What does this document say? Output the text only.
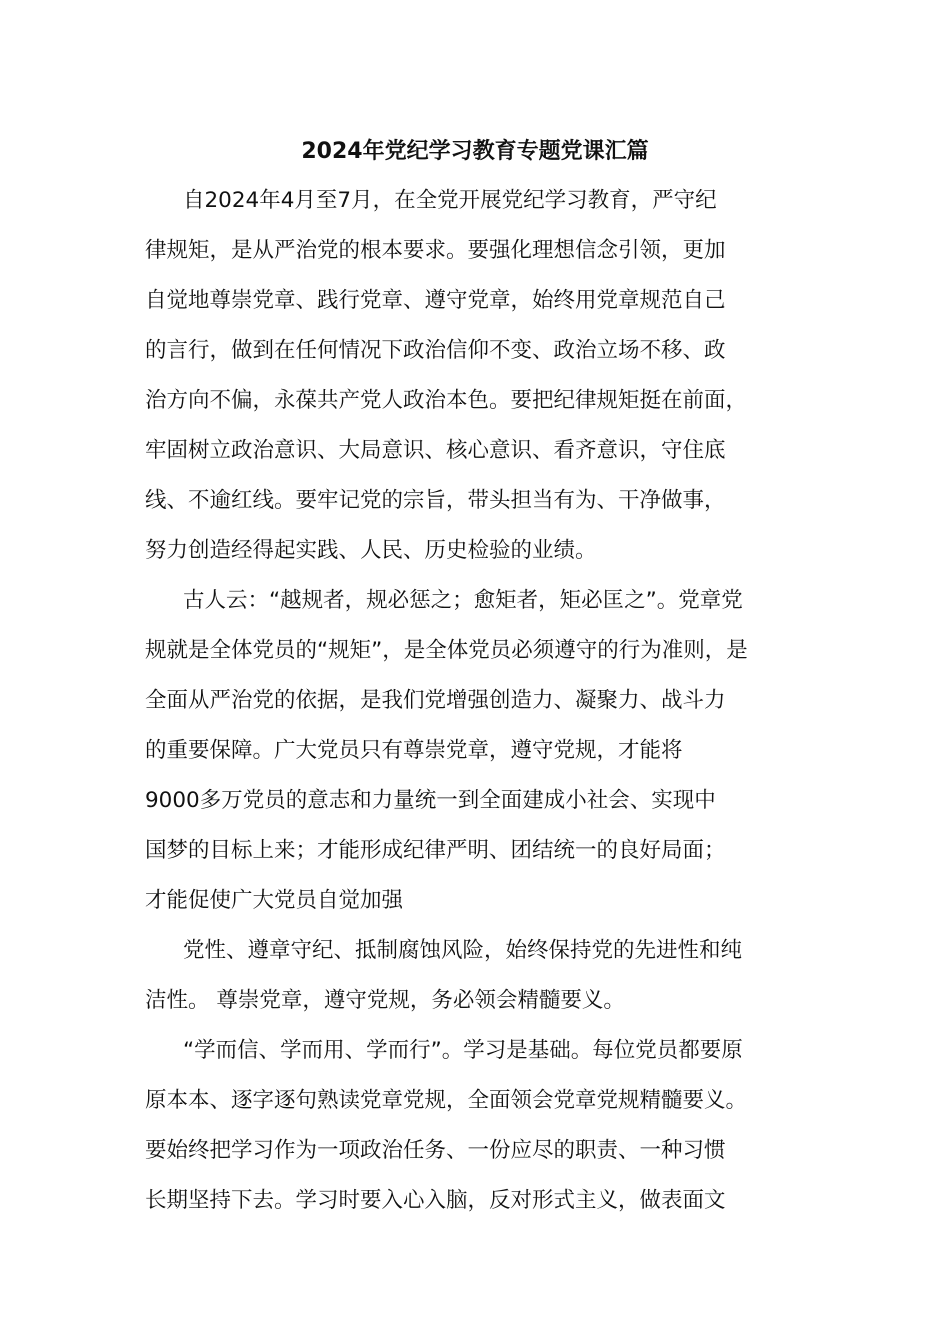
2024年党纪学习教育专题党课汇篇
自2024年4月至7月，在全党开展党纪学习教育，严守纪
律规矩，是从严治党的根本要求。要强化理想信念引领，更加
自觉地尊崇党章、践行党章、遵守党章，始终用党章规范自己
的言行，做到在任何情况下政治信仰不变、政治立场不移、政
治方向不偏，永葆共产党人政治本色。要把纪律规矩挺在前面，
牢固树立政治意识、大局意识、核心意识、看齐意识，守住底
线、不逾红线。要牢记党的宗旨，带头担当有为、干净做事，
努力创造经得起实践、人民、历史检验的业绩。
古人云：“越规者，规必惩之；愈矩者，矩必匡之”。党章党
规就是全体党员的“规矩”，是全体党员必须遵守的行为准则，是
全面从严治党的依据，是我们党增强创造力、凝聚力、战斗力
的重要保障。广大党员只有尊崇党章，遵守党规，才能将
9000多万党员的意志和力量统一到全面建成小社会、实现中
国梦的目标上来；才能形成纪律严明、团结统一的良好局面；
才能促使广大党员自觉加强
党性、遵章守纪、抵制腐蚀风险，始终保持党的先进性和纯
洁性。 尊崇党章，遵守党规，务必领会精髓要义。
“学而信、学而用、学而行”。学习是基础。每位党员都要原
原本本、逐字逐句熟读党章党规，全面领会党章党规精髓要义。
要始终把学习作为一项政治任务、一份应尽的职责、一种习惯
长期坚持下去。学习时要入心入脑，反对形式主义，做表面文
